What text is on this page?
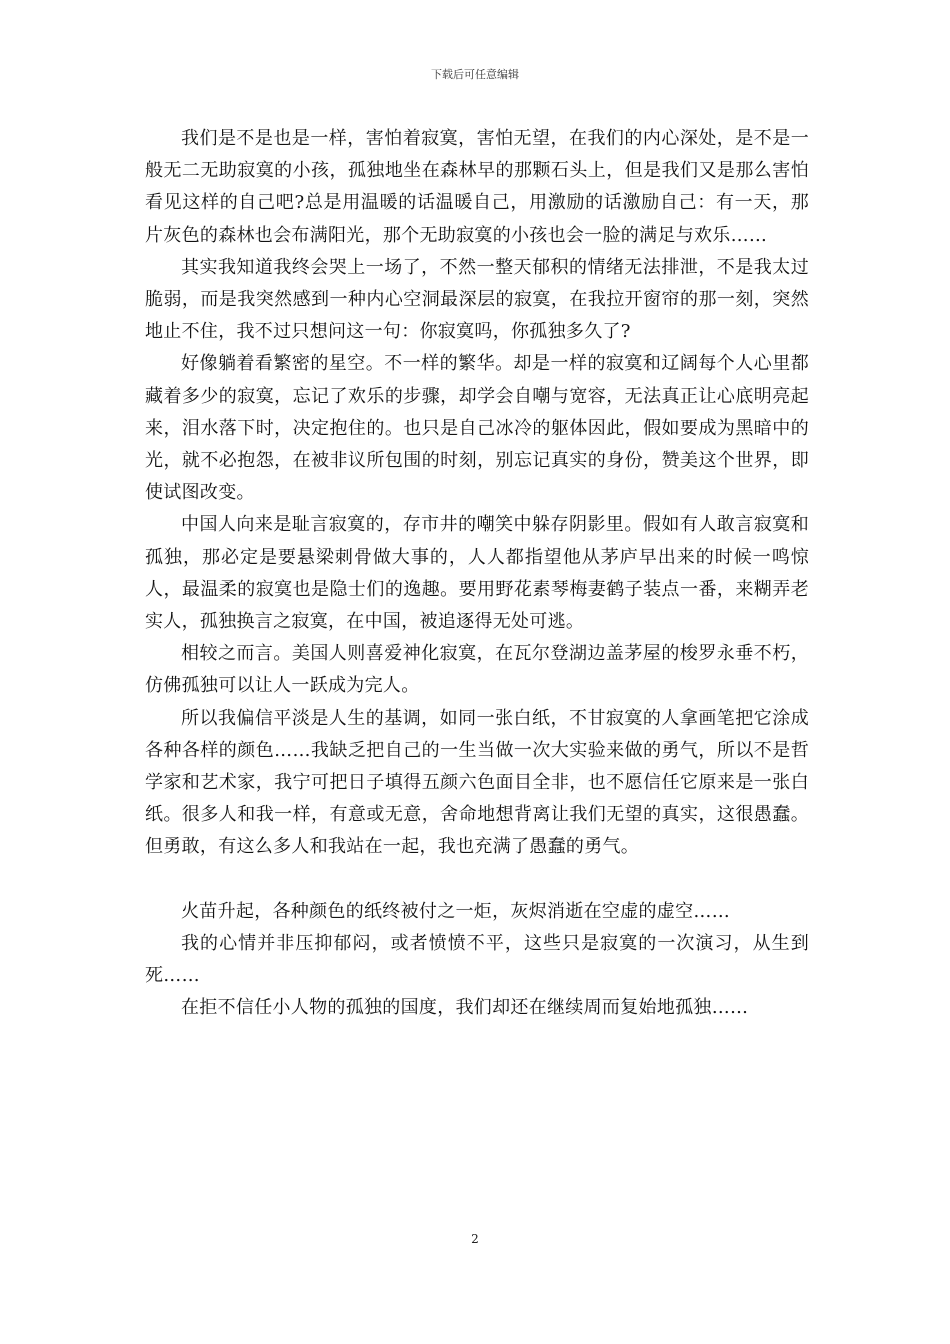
下载后可任意编辑

我们是不是也是一样，害怕着寂寞，害怕无望，在我们的内心深处，是不是一般无二无助寂寞的小孩，孤独地坐在森林早的那颗石头上，但是我们又是那么害怕看见这样的自己吧?总是用温暖的话温暖自己，用激励的话激励自己：有一天，那片灰色的森林也会布满阳光，那个无助寂寞的小孩也会一脸的满足与欢乐……

其实我知道我终会哭上一场了，不然一整天郁积的情绪无法排泄，不是我太过脆弱，而是我突然感到一种内心空洞最深层的寂寞，在我拉开窗帘的那一刻，突然地止不住，我不过只想问这一句：你寂寞吗，你孤独多久了?

好像躺着看繁密的星空。不一样的繁华。却是一样的寂寞和辽阔每个人心里都藏着多少的寂寞，忘记了欢乐的步骤，却学会自嘲与宽容，无法真正让心底明亮起来，泪水落下时，决定抱住的。也只是自己冰冷的躯体因此，假如要成为黑暗中的光，就不必抱怨，在被非议所包围的时刻，别忘记真实的身份，赞美这个世界，即使试图改变。

中国人向来是耻言寂寞的，存市井的嘲笑中躲存阴影里。假如有人敢言寂寞和孤独，那必定是要悬梁刺骨做大事的，人人都指望他从茅庐早出来的时候一鸣惊人，最温柔的寂寞也是隐士们的逸趣。要用野花素琴梅妻鹤子装点一番，来糊弄老实人，孤独换言之寂寞，在中国，被追逐得无处可逃。

相较之而言。美国人则喜爱神化寂寞，在瓦尔登湖边盖茅屋的梭罗永垂不朽，仿佛孤独可以让人一跃成为完人。

所以我偏信平淡是人生的基调，如同一张白纸，不甘寂寞的人拿画笔把它涂成各种各样的颜色……我缺乏把自己的一生当做一次大实验来做的勇气，所以不是哲学家和艺术家，我宁可把日子填得五颜六色面目全非，也不愿信任它原来是一张白纸。很多人和我一样，有意或无意，舍命地想背离让我们无望的真实，这很愚蠢。但勇敢，有这么多人和我站在一起，我也充满了愚蠢的勇气。

火苗升起，各种颜色的纸终被付之一炬，灰烬消逝在空虚的虚空……

我的心情并非压抑郁闷，或者愤愤不平，这些只是寂寞的一次演习，从生到死……

在拒不信任小人物的孤独的国度，我们却还在继续周而复始地孤独……

2
